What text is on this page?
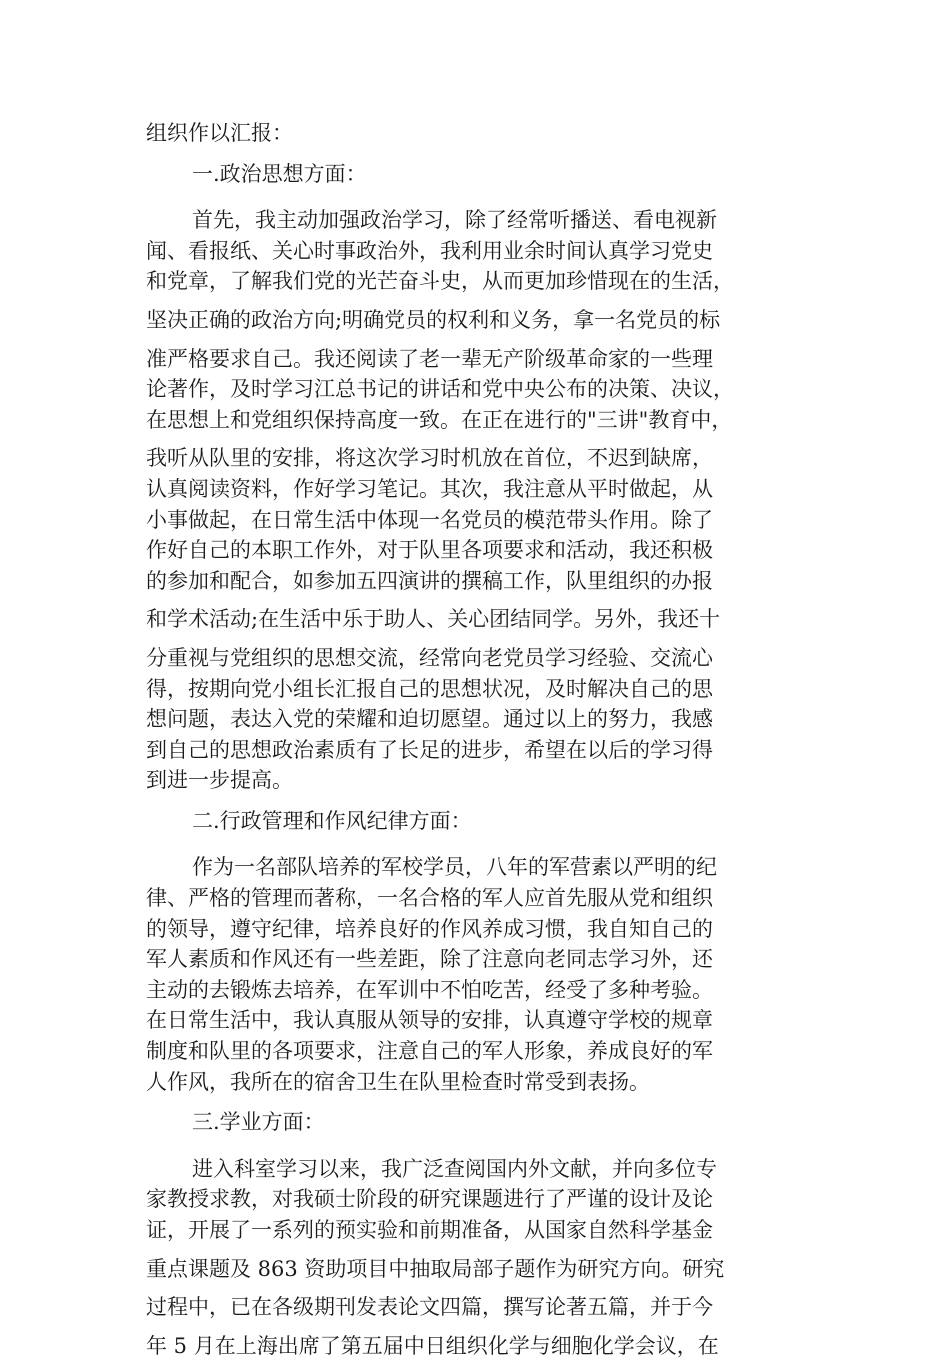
组织作以汇报：
一.政治思想方面：

首先，我主动加强政治学习，除了经常听播送、看电视新
闻、看报纸、关心时事政治外，我利用业余时间认真学习党史
和党章，了解我们党的光芒奋斗史，从而更加珍惜现在的生活，
坚决正确的政治方向;明确党员的权利和义务，拿一名党员的标
准严格要求自己。我还阅读了老一辈无产阶级革命家的一些理
论著作，及时学习江总书记的讲话和党中央公布的决策、决议，
在思想上和党组织保持高度一致。在正在进行的"三讲"教育中，
我听从队里的安排，将这次学习时机放在首位，不迟到缺席，
认真阅读资料，作好学习笔记。其次，我注意从平时做起，从
小事做起，在日常生活中体现一名党员的模范带头作用。除了
作好自己的本职工作外，对于队里各项要求和活动，我还积极
的参加和配合，如参加五四演讲的撰稿工作，队里组织的办报
和学术活动;在生活中乐于助人、关心团结同学。另外，我还十
分重视与党组织的思想交流，经常向老党员学习经验、交流心
得，按期向党小组长汇报自己的思想状况，及时解决自己的思
想问题，表达入党的荣耀和迫切愿望。通过以上的努力，我感
到自己的思想政治素质有了长足的进步，希望在以后的学习得
到进一步提高。

二.行政管理和作风纪律方面：

作为一名部队培养的军校学员，八年的军营素以严明的纪
律、严格的管理而著称，一名合格的军人应首先服从党和组织
的领导，遵守纪律，培养良好的作风养成习惯，我自知自己的
军人素质和作风还有一些差距，除了注意向老同志学习外，还
主动的去锻炼去培养，在军训中不怕吃苦，经受了多种考验。
在日常生活中，我认真服从领导的安排，认真遵守学校的规章
制度和队里的各项要求，注意自己的军人形象，养成良好的军
人作风，我所在的宿舍卫生在队里检查时常受到表扬。

三.学业方面：

进入科室学习以来，我广泛查阅国内外文献，并向多位专
家教授求教，对我硕士阶段的研究课题进行了严谨的设计及论
证，开展了一系列的预实验和前期准备，从国家自然科学基金
重点课题及 863 资助项目中抽取局部子题作为研究方向。研究
过程中，已在各级期刊发表论文四篇，撰写论著五篇，并于今
年 5 月在上海出席了第五届中日组织化学与细胞化学会议，在
